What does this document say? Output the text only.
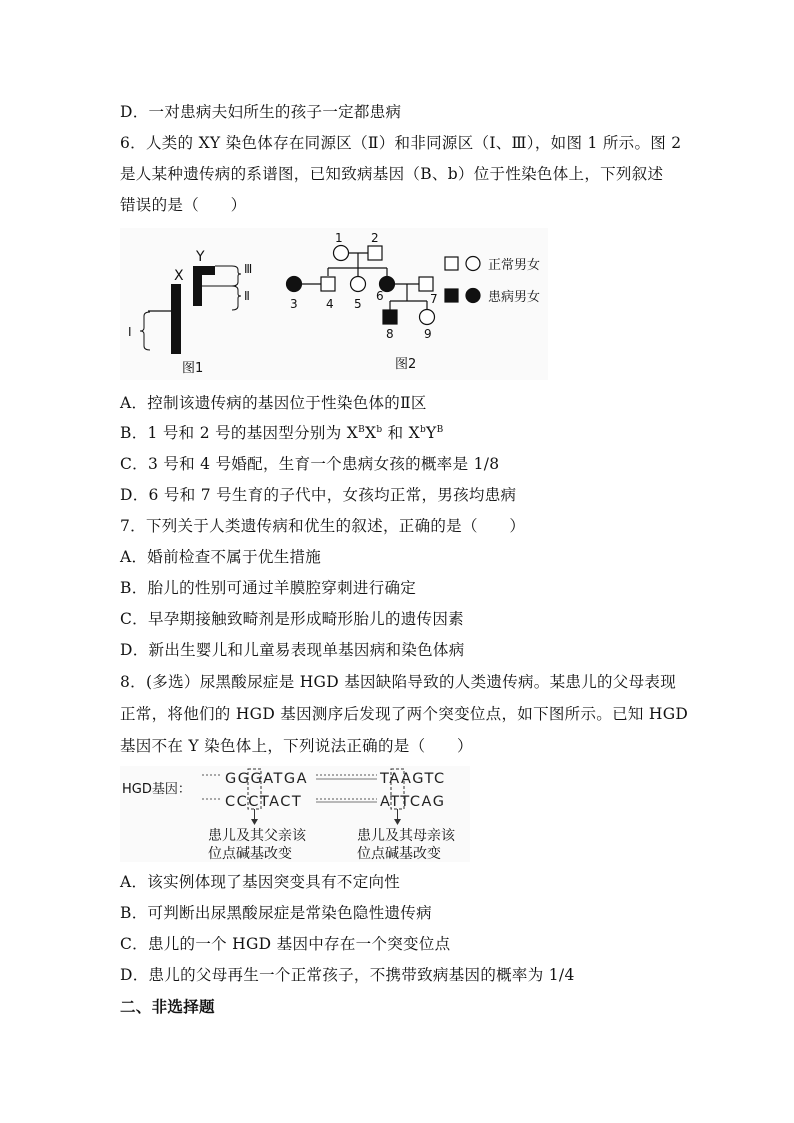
D．一对患病夫妇所生的孩子一定都患病
6．人类的 XY 染色体存在同源区（Ⅱ）和非同源区（Ⅰ、Ⅲ），如图 1 所示。图 2
是人某种遗传病的系谱图，已知致病基因（B、b）位于性染色体上，下列叙述
错误的是（　　）
X
Y
Ⅲ
Ⅱ
Ⅰ
图1
1 2
3 4 5
6	7
8	9
正常男女
患病男女
图2
A．控制该遗传病的基因位于性染色体的Ⅱ区
B．1 号和 2 号的基因型分别为 $X^BX^b$ 和 $X^bY^B$
C．3 号和 4 号婚配，生育一个患病女孩的概率是 1/8
D．6 号和 7 号生育的子代中，女孩均正常，男孩均患病
7．下列关于人类遗传病和优生的叙述，正确的是（　　）
A．婚前检查不属于优生措施
B．胎儿的性别可通过羊膜腔穿刺进行确定
C．早孕期接触致畸剂是形成畸形胎儿的遗传因素
D．新出生婴儿和儿童易表现单基因病和染色体病
8．(多选）尿黑酸尿症是 HGD 基因缺陷导致的人类遗传病。某患儿的父母表现
正常，将他们的 HGD 基因测序后发现了两个突变位点，如下图所示。已知 HGD
基因不在 Y 染色体上，下列说法正确的是（　　）
HGD基因：
GGGATGA	TAAGTC
CCCTACT	ATTCAG
患儿及其父亲该
位点碱基改变
患儿及其母亲该
位点碱基改变
A．该实例体现了基因突变具有不定向性
B．可判断出尿黑酸尿症是常染色隐性遗传病
C．患儿的一个 HGD 基因中存在一个突变位点
D．患儿的父母再生一个正常孩子，不携带致病基因的概率为 1/4
二、非选择题
